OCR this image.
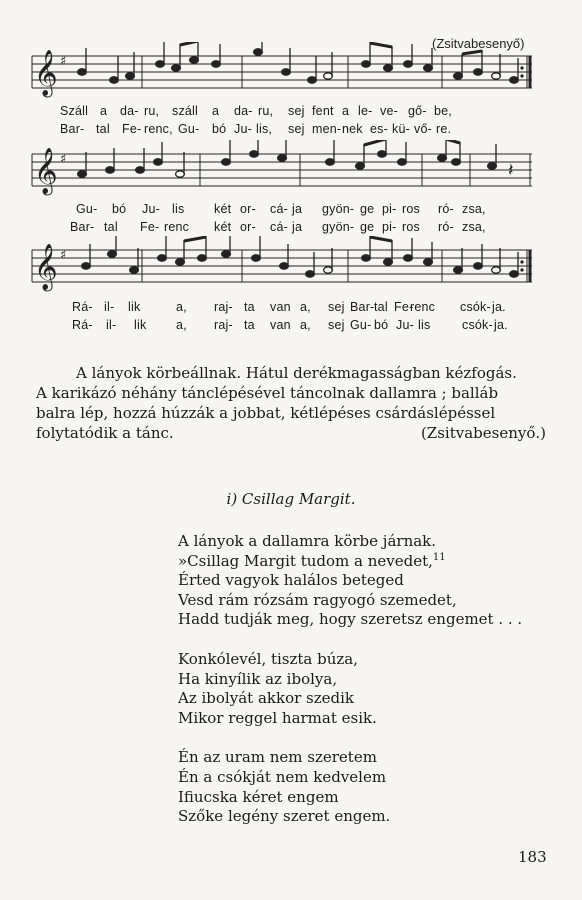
(Zsitvabesenyő)
𝄞 ♯
Száll a da- ru, száll a da- ru, sej fent a le- ve- gő- be,
Bar- tal Fe- renc, Gu- bó Ju- lis, sej men- nek es- kü- vő- re.
𝄞 ♯
𝄽
Gu- bó Ju- lis két or- cá- ja gyön- ge pi- ros ró- zsa,
Bar- tal Fe- renc két or- cá- ja gyön- ge pi- ros ró- zsa,
𝄞 ♯
Rá- il- lik	a, raj- ta van a, sej Bar- tal Fe-
renc csók- ja.
Rá- il- lik a, raj- ta van a, sej Gu- bó Ju- lis	csók- ja.
A lányok körbeállnak. Hátul derékmagasságban kézfogás.
A karikázó néhány tánclépésével táncolnak dallamra ; balláb
balra lép, hozzá húzzák a jobbat, kétlépéses csárdáslépéssel
folytatódik a tánc.	(Zsitvabesenyő.)
i) Csillag Margit.
A lányok a dallamra körbe járnak.
»Csillag Margit tudom a nevedet,$^{11}$
Érted vagyok halálos beteged
Vesd rám rózsám ragyogó szemedet,
Hadd tudják meg, hogy szeretsz engemet . . .
Konkólevél, tiszta búza,
Ha kinyílik az ibolya,
Az ibolyát akkor szedik
Mikor reggel harmat esik.
Én az uram nem szeretem
Én a csókját nem kedvelem
Ifiucska kéret engem
Szőke legény szeret engem.
183
